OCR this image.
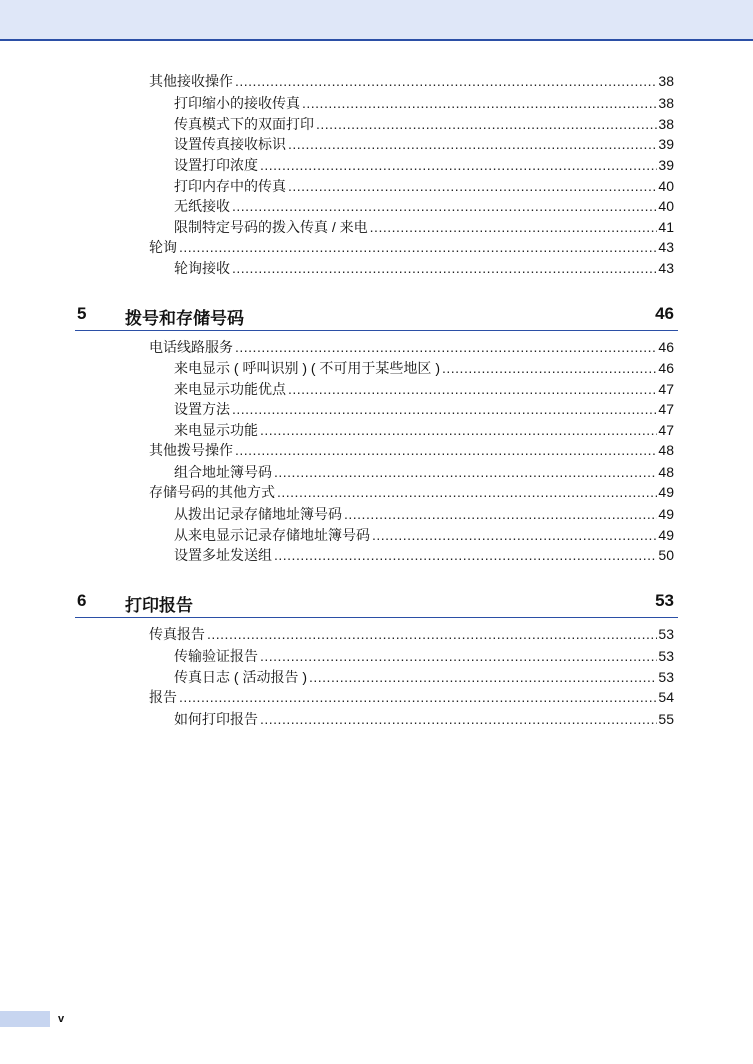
其他接收操作 .....	38
打印缩小的接收传真 .....	38
传真模式下的双面打印 .....	38
设置传真接收标识 .....	39
设置打印浓度 .....	39
打印内存中的传真 .....	40
无纸接收 .....	40
限制特定号码的拨入传真 / 来电 .....	41
轮询 .....	43
轮询接收 .....	43
5 拨号和存储号码	46
电话线路服务 .....	46
来电显示 ( 呼叫识别 ) ( 不可用于某些地区 ) .....	46
来电显示功能优点 .....	47
设置方法 .....	47
来电显示功能 .....	47
其他拨号操作 .....	48
组合地址簿号码 .....	48
存储号码的其他方式 .....	49
从拨出记录存储地址簿号码 .....	49
从来电显示记录存储地址簿号码 .....	49
设置多址发送组 .....	50
6 打印报告	53
传真报告 .....	53
传输验证报告 .....	53
传真日志 ( 活动报告 ) .....	53
报告 .....	54
如何打印报告 .....	55
v
